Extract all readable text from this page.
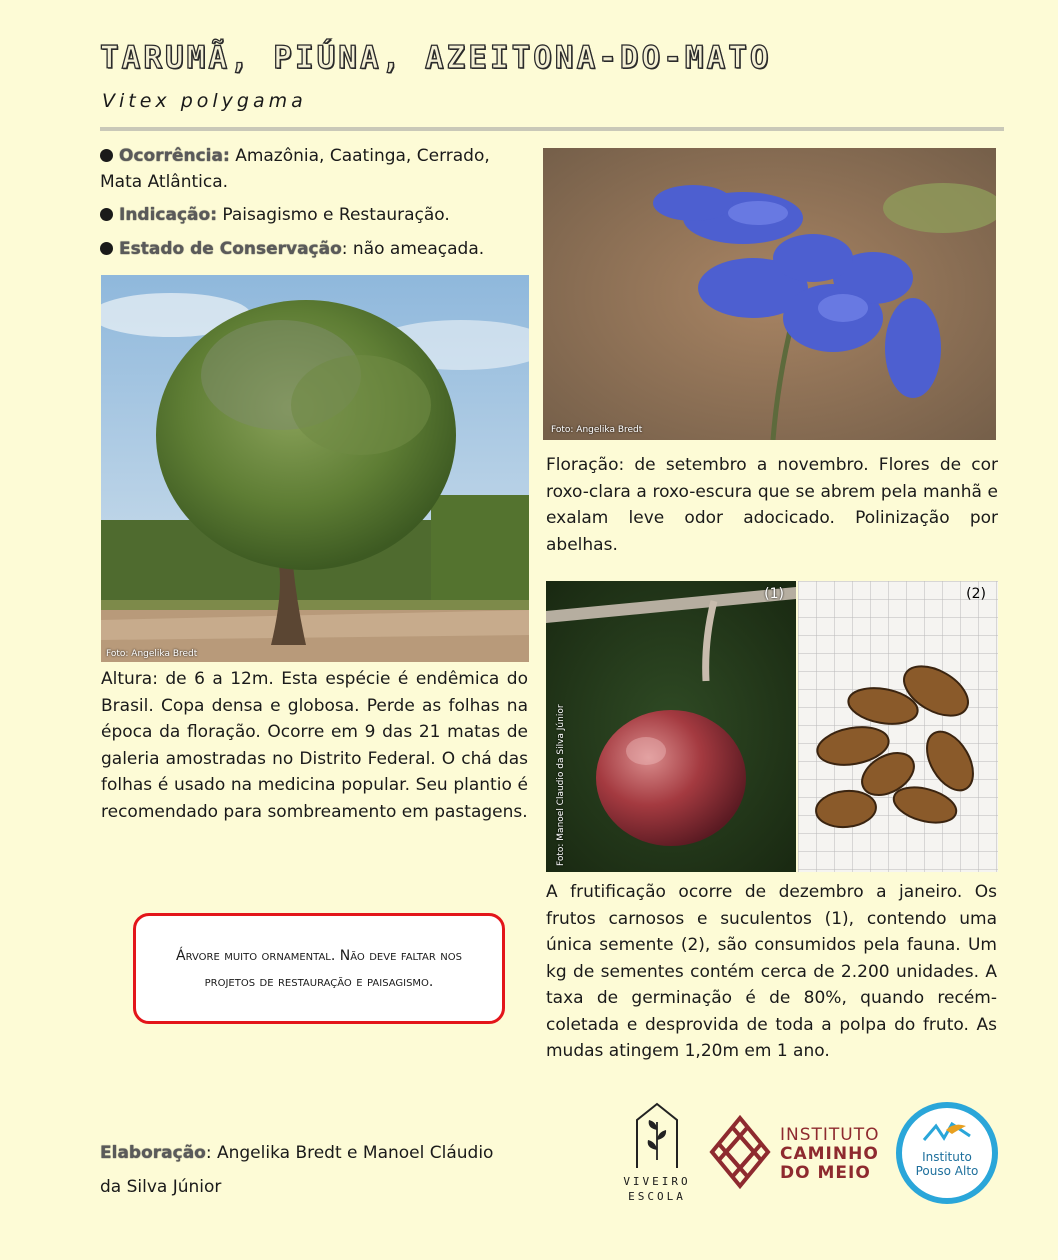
TARUMÃ, PIÚNA, AZEITONA-DO-MATO
Vitex polygama
Ocorrência: Amazônia, Caatinga, Cerrado, Mata Atlântica.
Indicação: Paisagismo e Restauração.
Estado de Conservação: não ameaçada.
Foto: Angelika Bredt
Foto: Angelika Bredt
Floração: de setembro a novembro. Flores de cor roxo-clara a roxo-escura que se abrem pela manhã e exalam leve odor adocicado. Polinização por abelhas.
Foto: Manoel Claudio da Silva Júnior
(1)	(2)
Altura: de 6 a 12m. Esta espécie é endêmica do Brasil. Copa densa e globosa. Perde as folhas na época da floração. Ocorre em 9 das 21 matas de galeria amostradas no Distrito Federal. O chá das folhas é usado na medicina popular. Seu plantio é recomendado para sombreamento em pastagens.
A frutificação ocorre de dezembro a janeiro. Os frutos carnosos e suculentos (1), contendo uma única semente (2), são consumidos pela fauna. Um kg de sementes contém cerca de 2.200 unidades. A taxa de germinação é de 80%, quando recém-coletada e desprovida de toda a polpa do fruto. As mudas atingem 1,20m em 1 ano.
Árvore muito ornamental. Não deve faltar nos projetos de restauração e paisagismo.
Elaboração: Angelika Bredt e Manoel Cláudio da Silva Júnior	VIVEIRO
ESCOLA
INSTITUTO
CAMINHO
DO MEIO
Instituto
Pouso Alto
